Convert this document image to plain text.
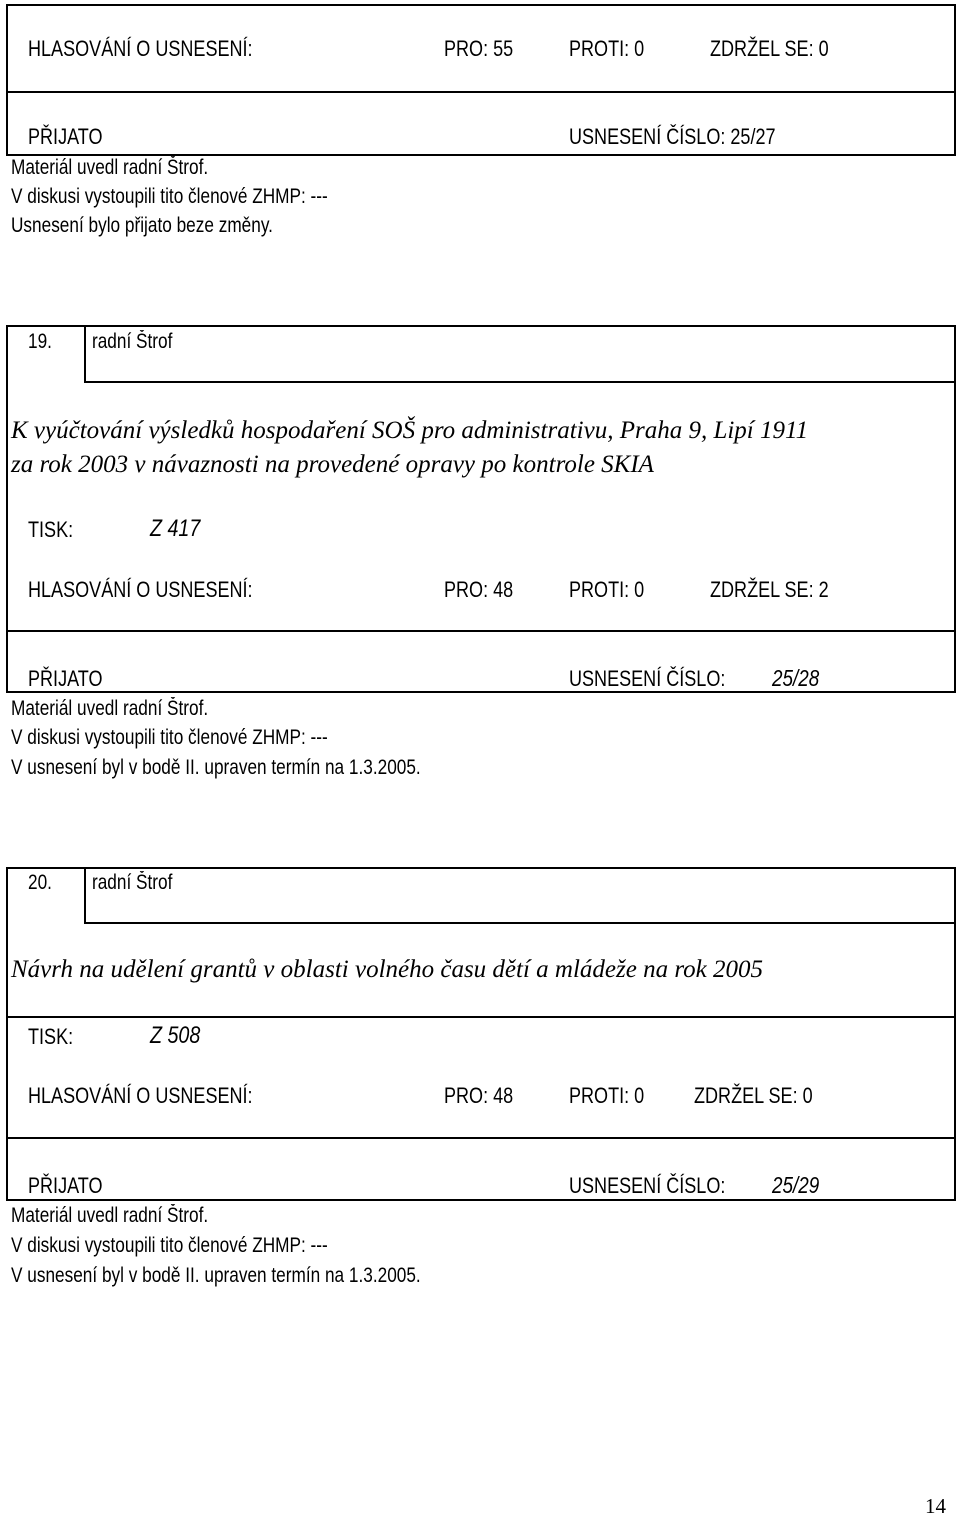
HLASOVÁNÍ O USNESENÍ:	PRO: 55	PROTI: 0	ZDRŽEL SE: 0
PŘIJATO	USNESENÍ ČÍSLO: 25/27
Materiál uvedl radní Štrof.
V diskusi vystoupili tito členové ZHMP: ---
Usnesení bylo přijato beze změny.
19. radní Štrof
K vyúčtování výsledků hospodaření SOŠ pro administrativu, Praha 9, Lipí 1911
za rok 2003 v návaznosti na provedené opravy po kontrole SKIA
TISK:	Z 417
HLASOVÁNÍ O USNESENÍ:	PRO: 48	PROTI: 0	ZDRŽEL SE: 2
PŘIJATO	USNESENÍ ČÍSLO: 25/28
Materiál uvedl radní Štrof.
V diskusi vystoupili tito členové ZHMP: ---
V usnesení byl v bodě II. upraven termín na 1.3.2005.
20. radní Štrof
Návrh na udělení grantů v oblasti volného času dětí a mládeže na rok 2005
TISK:	Z 508
HLASOVÁNÍ O USNESENÍ:	PRO: 48	PROTI: 0 ZDRŽEL SE: 0
PŘIJATO	USNESENÍ ČÍSLO: 25/29
Materiál uvedl radní Štrof.
V diskusi vystoupili tito členové ZHMP: ---
V usnesení byl v bodě II. upraven termín na 1.3.2005.
14
